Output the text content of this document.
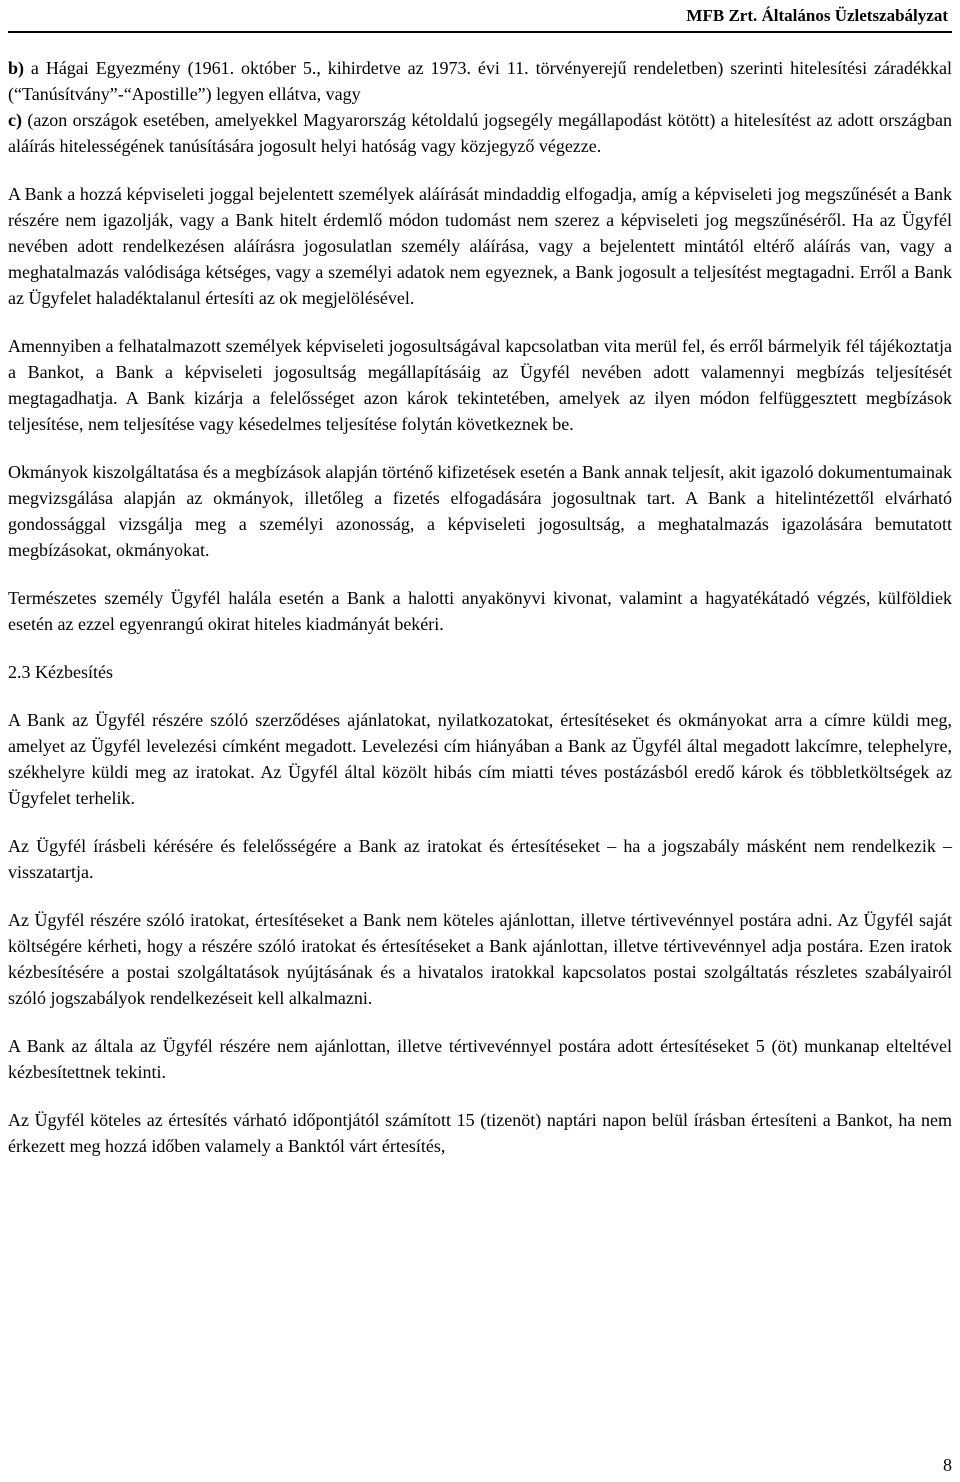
MFB Zrt. Általános Üzletszabályzat

b) a Hágai Egyezmény (1961. október 5., kihirdetve az 1973. évi 11. törvényerejű rendeletben) szerinti hitelesítési záradékkal (“Tanúsítvány”-“Apostille”) legyen ellátva, vagy

c) (azon országok esetében, amelyekkel Magyarország kétoldalú jogsegély megállapodást kötött) a hitelesítést az adott országban aláírás hitelességének tanúsítására jogosult helyi hatóság vagy közjegyző végezze.

A Bank a hozzá képviseleti joggal bejelentett személyek aláírását mindaddig elfogadja, amíg a képviseleti jog megszűnését a Bank részére nem igazolják, vagy a Bank hitelt érdemlő módon tudomást nem szerez a képviseleti jog megszűnéséről. Ha az Ügyfél nevében adott rendelkezésen aláírásra jogosulatlan személy aláírása, vagy a bejelentett mintától eltérő aláírás van, vagy a meghatalmazás valódisága kétséges, vagy a személyi adatok nem egyeznek, a Bank jogosult a teljesítést megtagadni. Erről a Bank az Ügyfelet haladéktalanul értesíti az ok megjelölésével.

Amennyiben a felhatalmazott személyek képviseleti jogosultságával kapcsolatban vita merül fel, és erről bármelyik fél tájékoztatja a Bankot, a Bank a képviseleti jogosultság megállapításáig az Ügyfél nevében adott valamennyi megbízás teljesítését megtagadhatja. A Bank kizárja a felelősséget azon károk tekintetében, amelyek az ilyen módon felfüggesztett megbízások teljesítése, nem teljesítése vagy késedelmes teljesítése folytán következnek be.

Okmányok kiszolgáltatása és a megbízások alapján történő kifizetések esetén a Bank annak teljesít, akit igazoló dokumentumainak megvizsgálása alapján az okmányok, illetőleg a fizetés elfogadására jogosultnak tart. A Bank a hitelintézettől elvárható gondossággal vizsgálja meg a személyi azonosság, a képviseleti jogosultság, a meghatalmazás igazolására bemutatott megbízásokat, okmányokat.

Természetes személy Ügyfél halála esetén a Bank a halotti anyakönyvi kivonat, valamint a hagyatékátadó végzés, külföldiek esetén az ezzel egyenrangú okirat hiteles kiadmányát bekéri.

2.3 Kézbesítés

A Bank az Ügyfél részére szóló szerződéses ajánlatokat, nyilatkozatokat, értesítéseket és okmányokat arra a címre küldi meg, amelyet az Ügyfél levelezési címként megadott. Levelezési cím hiányában a Bank az Ügyfél által megadott lakcímre, telephelyre, székhelyre küldi meg az iratokat. Az Ügyfél által közölt hibás cím miatti téves postázásból eredő károk és többletköltségek az Ügyfelet terhelik.

Az Ügyfél írásbeli kérésére és felelősségére a Bank az iratokat és értesítéseket – ha a jogszabály másként nem rendelkezik – visszatartja.

Az Ügyfél részére szóló iratokat, értesítéseket a Bank nem köteles ajánlottan, illetve tértivevénnyel postára adni. Az Ügyfél saját költségére kérheti, hogy a részére szóló iratokat és értesítéseket a Bank ajánlottan, illetve tértivevénnyel adja postára. Ezen iratok kézbesítésére a postai szolgáltatások nyújtásának és a hivatalos iratokkal kapcsolatos postai szolgáltatás részletes szabályairól szóló jogszabályok rendelkezéseit kell alkalmazni.

A Bank az általa az Ügyfél részére nem ajánlottan, illetve tértivevénnyel postára adott értesítéseket 5 (öt) munkanap elteltével kézbesítettnek tekinti.

Az Ügyfél köteles az értesítés várható időpontjától számított 15 (tizenöt) naptári napon belül írásban értesíteni a Bankot, ha nem érkezett meg hozzá időben valamely a Banktól várt értesítés,

8
